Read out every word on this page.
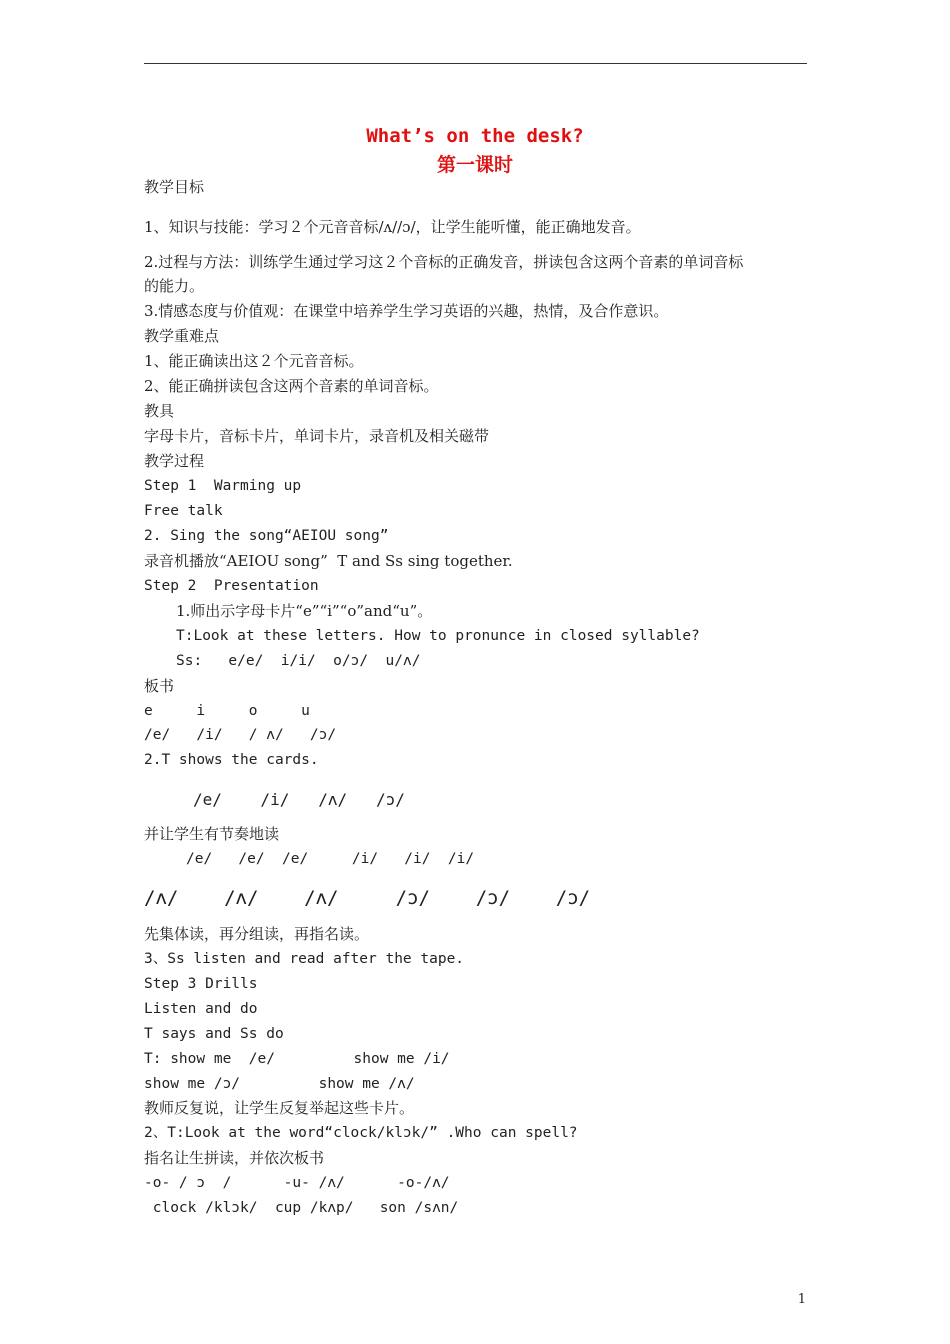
What’s on the desk?
第一课时
教学目标
1、知识与技能：学习２个元音音标/ʌ//ɔ/，让学生能听懂，能正确地发音。
2.过程与方法：训练学生通过学习这２个音标的正确发音，拼读包含这两个音素的单词音标
的能力。
3.情感态度与价值观：在课堂中培养学生学习英语的兴趣，热情，及合作意识。
教学重难点
1、能正确读出这２个元音音标。
2、能正确拼读包含这两个音素的单词音标。
教具
字母卡片，音标卡片，单词卡片，录音机及相关磁带
教学过程
Step 1  Warming up
Free talk
2. Sing the song“AEIOU song”
录音机播放“AEIOU song”  T and Ss sing together.
Step 2  Presentation
1.师出示字母卡片“e”“i”“o”and“u”。
T:Look at these letters. How to pronunce in closed syllable?
Ss:   e/e/  i/i/  o/ɔ/  u/ʌ/
板书
e     i     o     u
/e/   /i/   / ʌ/   /ɔ/
2.T shows the cards.
/e/    /i/   /ʌ/   /ɔ/
并让学生有节奏地读
/e/   /e/  /e/     /i/   /i/  /i/
/ʌ/    /ʌ/    /ʌ/     /ɔ/    /ɔ/    /ɔ/
先集体读，再分组读，再指名读。
3、Ss listen and read after the tape.
Step 3 Drills
Listen and do
T says and Ss do
T: show me  /e/         show me /i/
show me /ɔ/         show me /ʌ/
教师反复说，让学生反复举起这些卡片。
2、T:Look at the word“clock/klɔk/” .Who can spell?
指名让生拼读，并依次板书
-o- / ɔ  /      -u- /ʌ/      -o-/ʌ/
clock /klɔk/  cup /kʌp/   son /sʌn/
1
